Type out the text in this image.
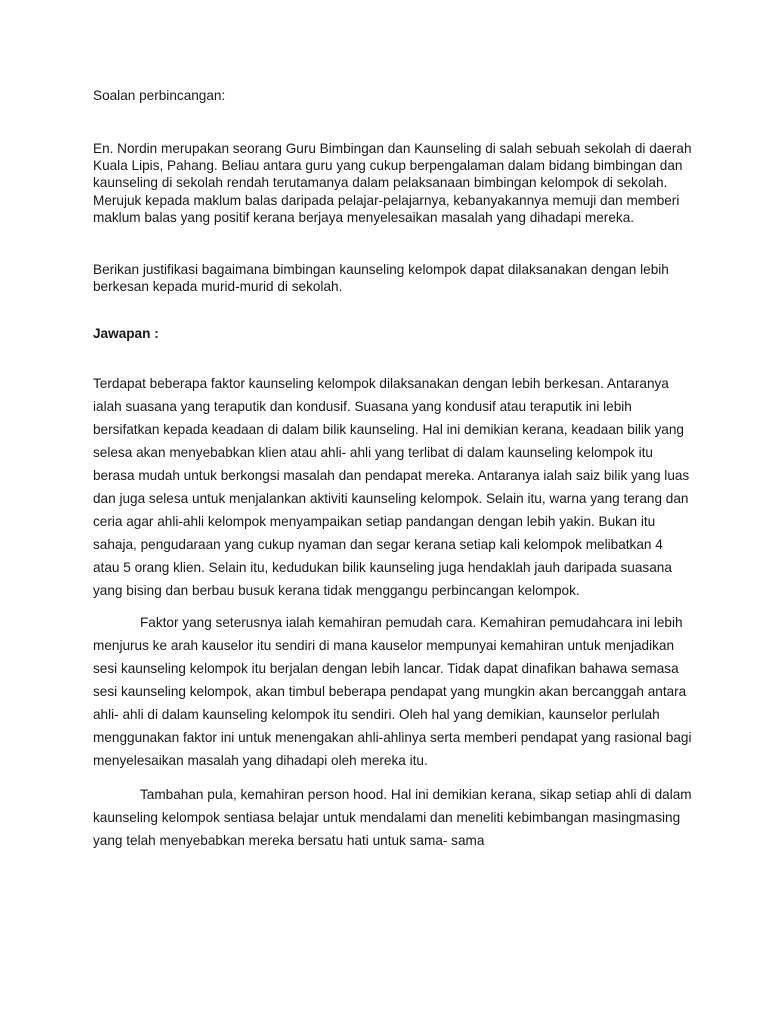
Soalan perbincangan:

En. Nordin merupakan seorang Guru Bimbingan dan Kaunseling di salah sebuah sekolah di daerah Kuala Lipis, Pahang. Beliau antara guru yang cukup berpengalaman dalam bidang bimbingan dan kaunseling di sekolah rendah terutamanya dalam pelaksanaan bimbingan kelompok di sekolah. Merujuk kepada maklum balas daripada pelajar-pelajarnya, kebanyakannya memuji dan memberi maklum balas yang positif kerana berjaya menyelesaikan masalah yang dihadapi mereka.

Berikan justifikasi bagaimana bimbingan kaunseling kelompok dapat dilaksanakan dengan lebih berkesan kepada murid-murid di sekolah.

Jawapan :

Terdapat beberapa faktor kaunseling kelompok dilaksanakan dengan lebih berkesan. Antaranya ialah suasana yang teraputik dan kondusif. Suasana yang kondusif atau teraputik ini lebih bersifatkan kepada keadaan di dalam bilik kaunseling. Hal ini demikian kerana, keadaan bilik yang selesa akan menyebabkan klien atau ahli- ahli yang terlibat di dalam kaunseling kelompok itu berasa mudah untuk berkongsi masalah dan pendapat mereka. Antaranya ialah saiz bilik yang luas dan juga selesa untuk menjalankan aktiviti kaunseling kelompok. Selain itu, warna yang terang dan ceria agar ahli-ahli kelompok menyampaikan setiap pandangan dengan lebih yakin. Bukan itu sahaja, pengudaraan yang cukup nyaman dan segar kerana setiap kali kelompok melibatkan 4 atau 5 orang klien. Selain itu, kedudukan bilik kaunseling juga hendaklah jauh daripada suasana yang bising dan berbau busuk kerana tidak menggangu perbincangan kelompok.

Faktor yang seterusnya ialah kemahiran pemudah cara. Kemahiran pemudahcara ini lebih menjurus ke arah kauselor itu sendiri di mana kauselor mempunyai kemahiran untuk menjadikan sesi kaunseling kelompok itu berjalan dengan lebih lancar. Tidak dapat dinafikan bahawa semasa sesi kaunseling kelompok, akan timbul beberapa pendapat yang mungkin akan bercanggah antara ahli- ahli di dalam kaunseling kelompok itu sendiri. Oleh hal yang demikian, kaunselor perlulah menggunakan faktor ini untuk menengakan ahli-ahlinya serta memberi pendapat yang rasional bagi menyelesaikan masalah yang dihadapi oleh mereka itu.

Tambahan pula, kemahiran person hood. Hal ini demikian kerana, sikap setiap ahli di dalam kaunseling kelompok sentiasa belajar untuk mendalami dan meneliti kebimbangan masingmasing yang telah menyebabkan mereka bersatu hati untuk sama- sama
